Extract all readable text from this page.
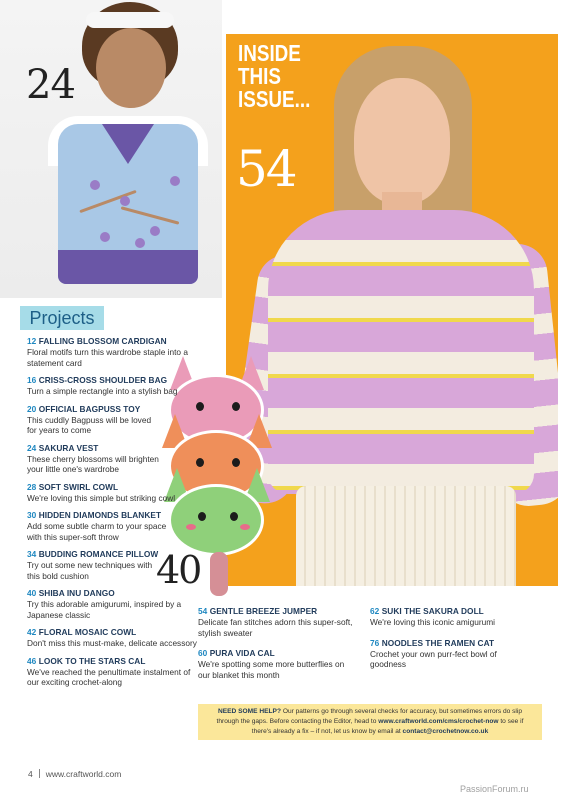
24
INSIDE THIS ISSUE...
54
40
Projects
12 FALLING BLOSSOM CARDIGAN
Floral motifs turn this wardrobe staple into a statement card
16 CRISS-CROSS SHOULDER BAG
Turn a simple rectangle into a stylish bag
20 OFFICIAL BAGPUSS TOY
This cuddly Bagpuss will be loved for years to come
24 SAKURA VEST
These cherry blossoms will brighten your little one's wardrobe
28 SOFT SWIRL COWL
We're loving this simple but striking cowl
30 HIDDEN DIAMONDS BLANKET
Add some subtle charm to your space with this super-soft throw
34 BUDDING ROMANCE PILLOW
Try out some new techniques with this bold cushion
40 SHIBA INU DANGO
Try this adorable amigurumi, inspired by a Japanese classic
42 FLORAL MOSAIC COWL
Don't miss this must-make, delicate accessory
46 LOOK TO THE STARS CAL
We've reached the penultimate instalment of our exciting crochet-along
54 GENTLE BREEZE JUMPER
Delicate fan stitches adorn this super-soft, stylish sweater
60 PURA VIDA CAL
We're spotting some more butterflies on our blanket this month
62 SUKI THE SAKURA DOLL
We're loving this iconic amigurumi
76 NOODLES THE RAMEN CAT
Crochet your own purr-fect bowl of goodness
NEED SOME HELP? Our patterns go through several checks for accuracy, but sometimes errors do slip through the gaps. Before contacting the Editor, head to www.craftworld.com/cms/crochet-now to see if there's already a fix – if not, let us know by email at contact@crochetnow.co.uk
4 www.craftworld.com
PassionForum.ru
